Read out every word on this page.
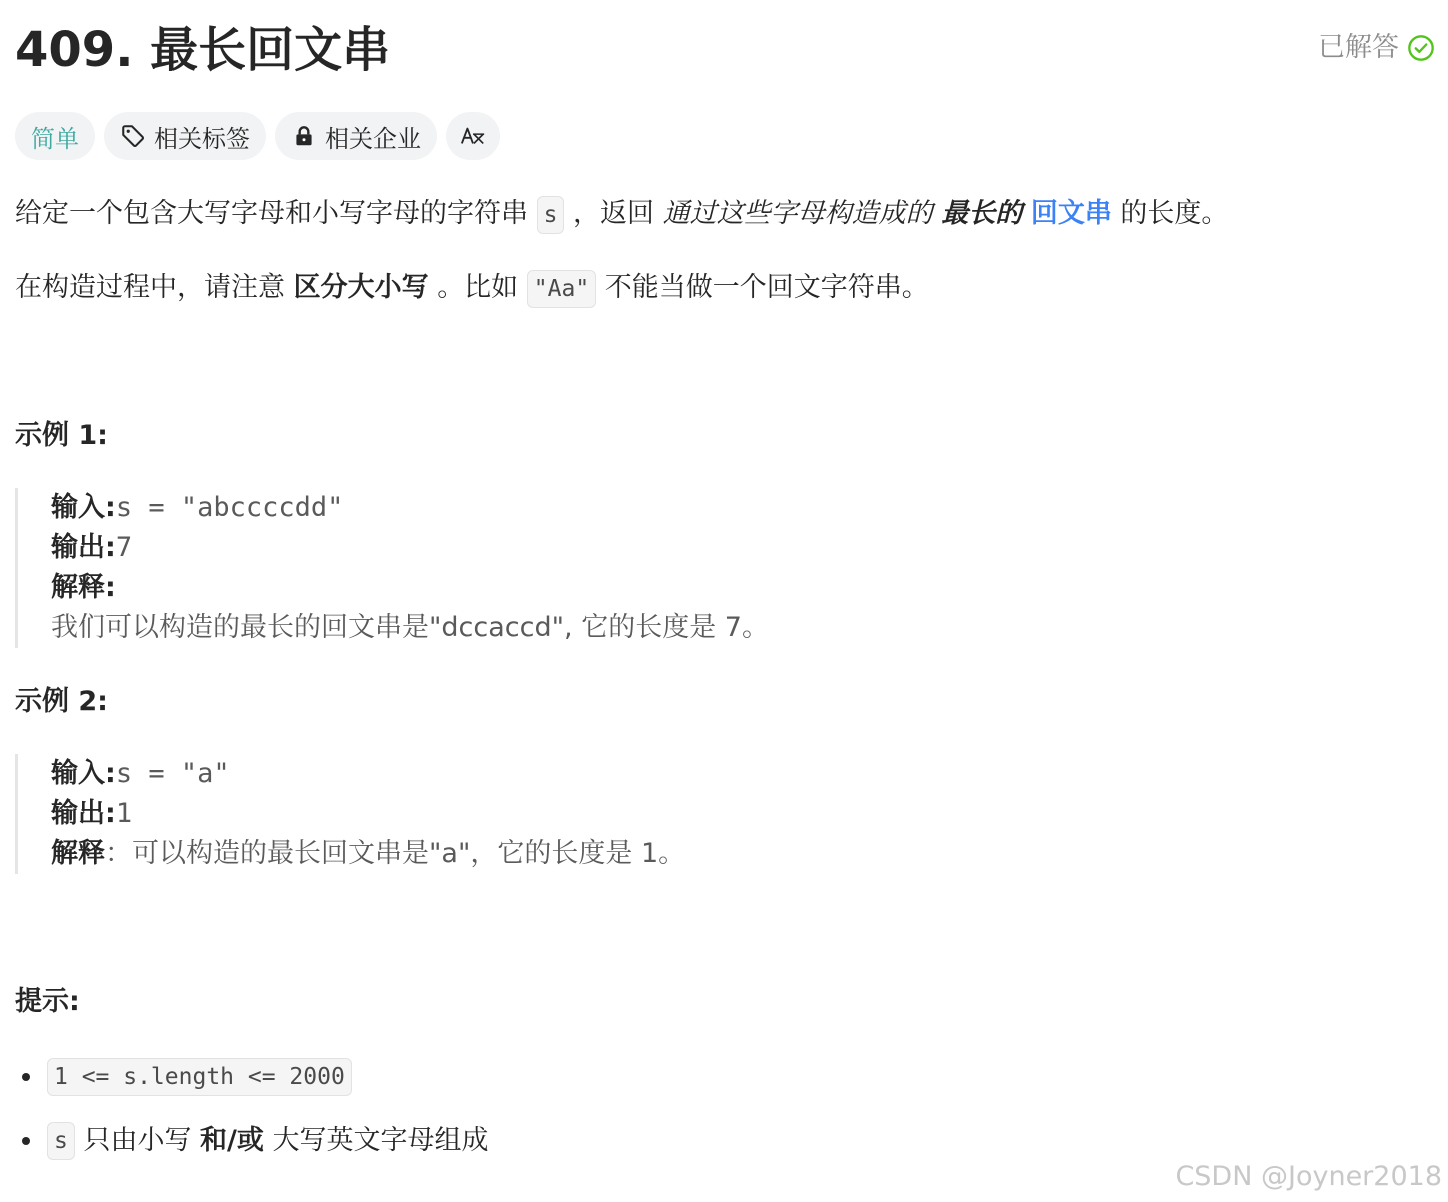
409. 最长回文串	已解答
简单	相关标签	相关企业
给定一个包含大写字母和小写字母的字符串 s ，返回 通过这些字母构造成的 最长的 回文串 的长度。
在构造过程中，请注意 区分大小写 。比如 "Aa" 不能当做一个回文字符串。
示例 1:
输入:s = "abccccdd"
输出:7
解释:
我们可以构造的最长的回文串是"dccaccd", 它的长度是 7。
示例 2:
输入:s = "a"
输出:1
解释：可以构造的最长回文串是"a"，它的长度是 1。
提示:
1 <= s.length <= 2000
s
只由小写
和/或
大写英文字母组成
CSDN @Joyner2018
